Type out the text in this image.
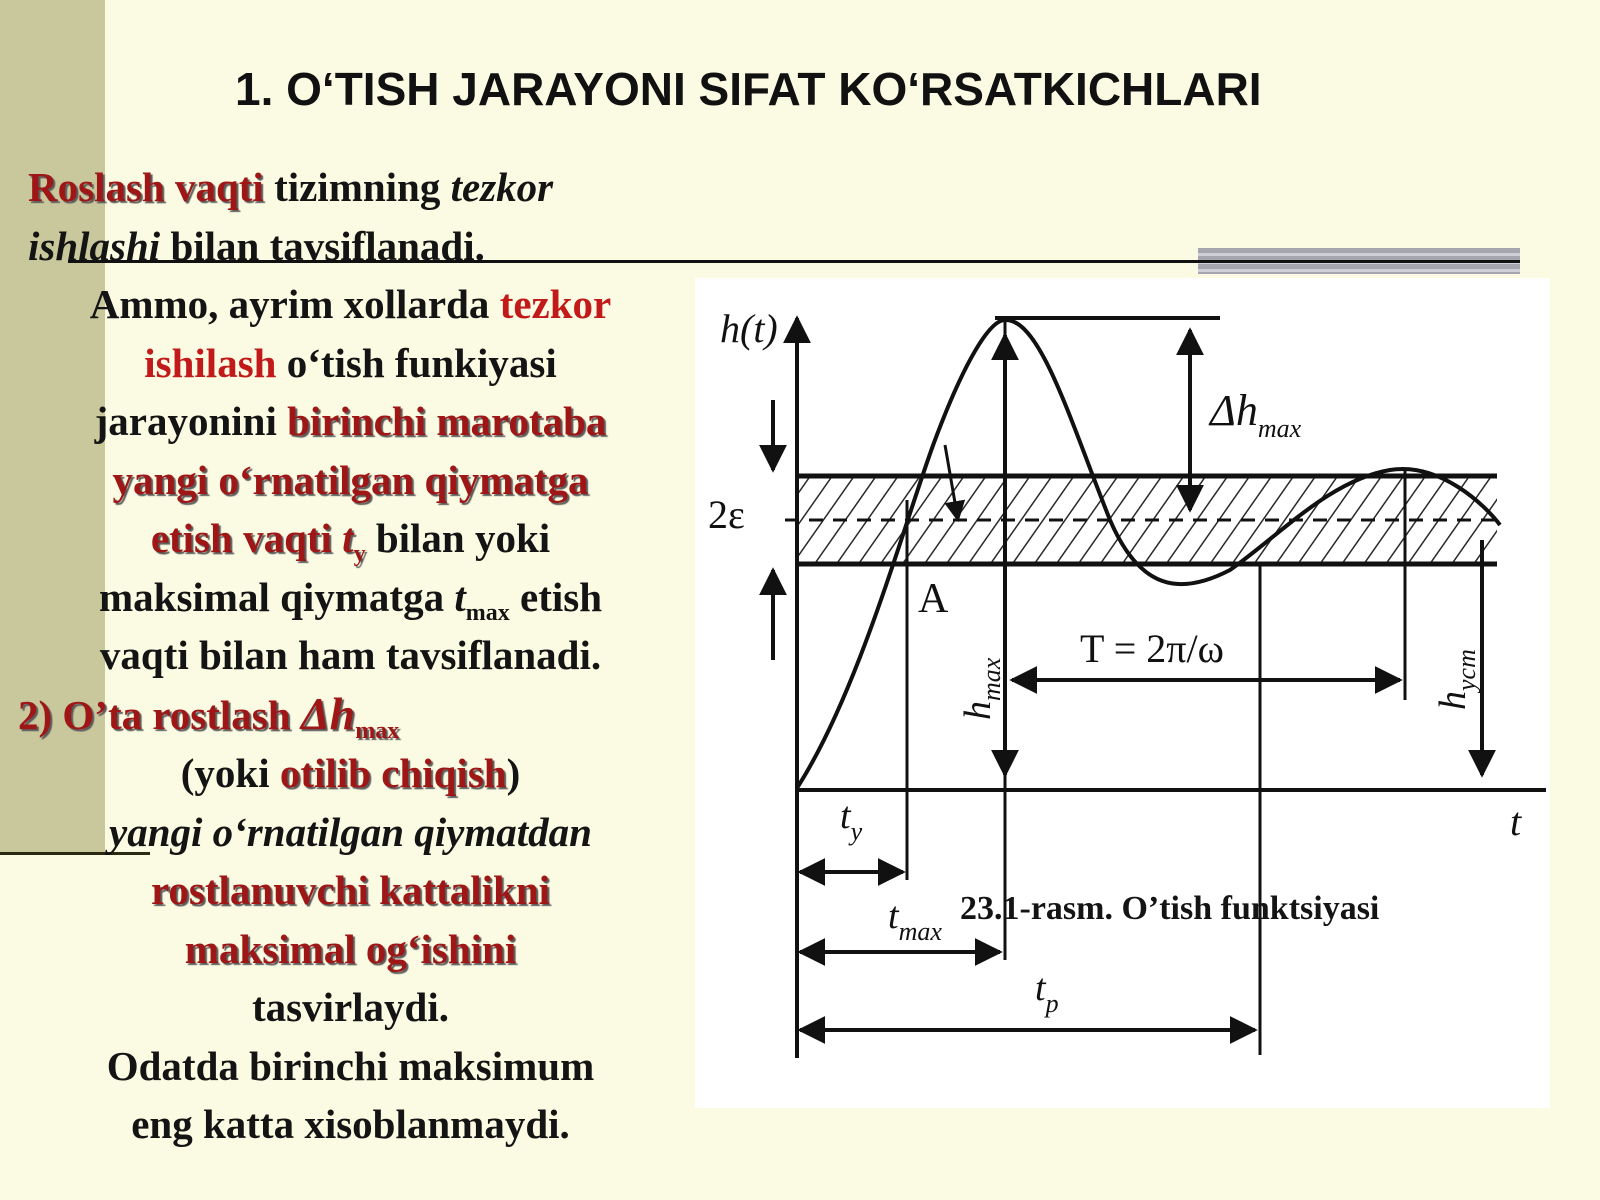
1. O‘TISH JARAYONI SIFAT KO‘RSATKICHLARI
Roslash vaqti tizimning tezkor
ishlashi bilan tavsiflanadi.
Ammo, ayrim xollarda tezkor
ishilash o‘tish funkiyasi
jarayonini birinchi marotaba
yangi o‘rnatilgan qiymatga
etish vaqti $t_y$ bilan yoki
maksimal qiymatga $t_{max}$ etish
vaqti bilan ham tavsiflanadi.
2) O’ta rostlash $\Delta h_{max}$
(yoki otilib chiqish)
yangi o‘rnatilgan qiymatdan
rostlanuvchi kattalikni
maksimal og‘ishini
tasvirlaydi.
Odatda birinchi maksimum
eng katta xisoblanmaydi.
h(t)
t
2ε
A
$\Delta h_{max}$
T = 2π/ω
$h_{max}$	$h_{уст}$
$t_y$
$t_{max}$
$t_p$
23.1-rasm. O’tish funktsiyasi
